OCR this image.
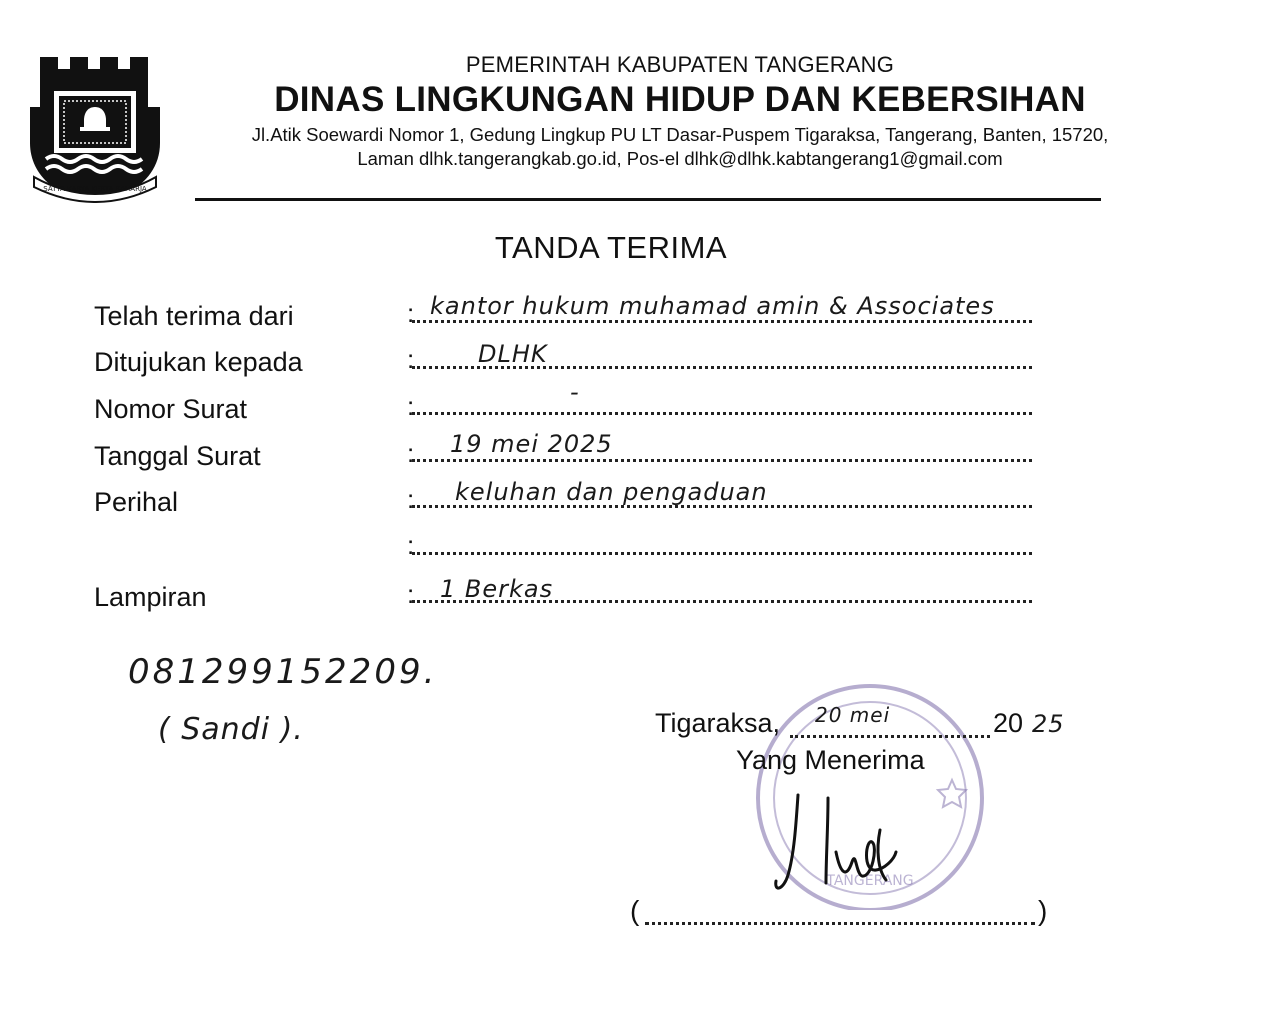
SATYA KARYA KERTA RAHARJA
PEMERINTAH KABUPATEN TANGERANG
DINAS LINGKUNGAN HIDUP DAN KEBERSIHAN
Jl.Atik Soewardi Nomor 1, Gedung Lingkup PU LT Dasar-Puspem Tigaraksa, Tangerang, Banten, 15720,
Laman dlhk.tangerangkab.go.id, Pos-el dlhk@dlhk.kabtangerang1@gmail.com
TANDA TERIMA
Telah terima dari	: kantor hukum muhamad amin & Associates
Ditujukan kepada	:	DLHK
Nomor Surat	:	-
Tanggal Surat	: 19 mei 2025
Perihal	: keluhan dan pengaduan
:
Lampiran	: 1 Berkas
081299152209.
( Sandi ).
TANGERANG
Tigaraksa, 20 mei	20 25
Yang Menerima
(	)
